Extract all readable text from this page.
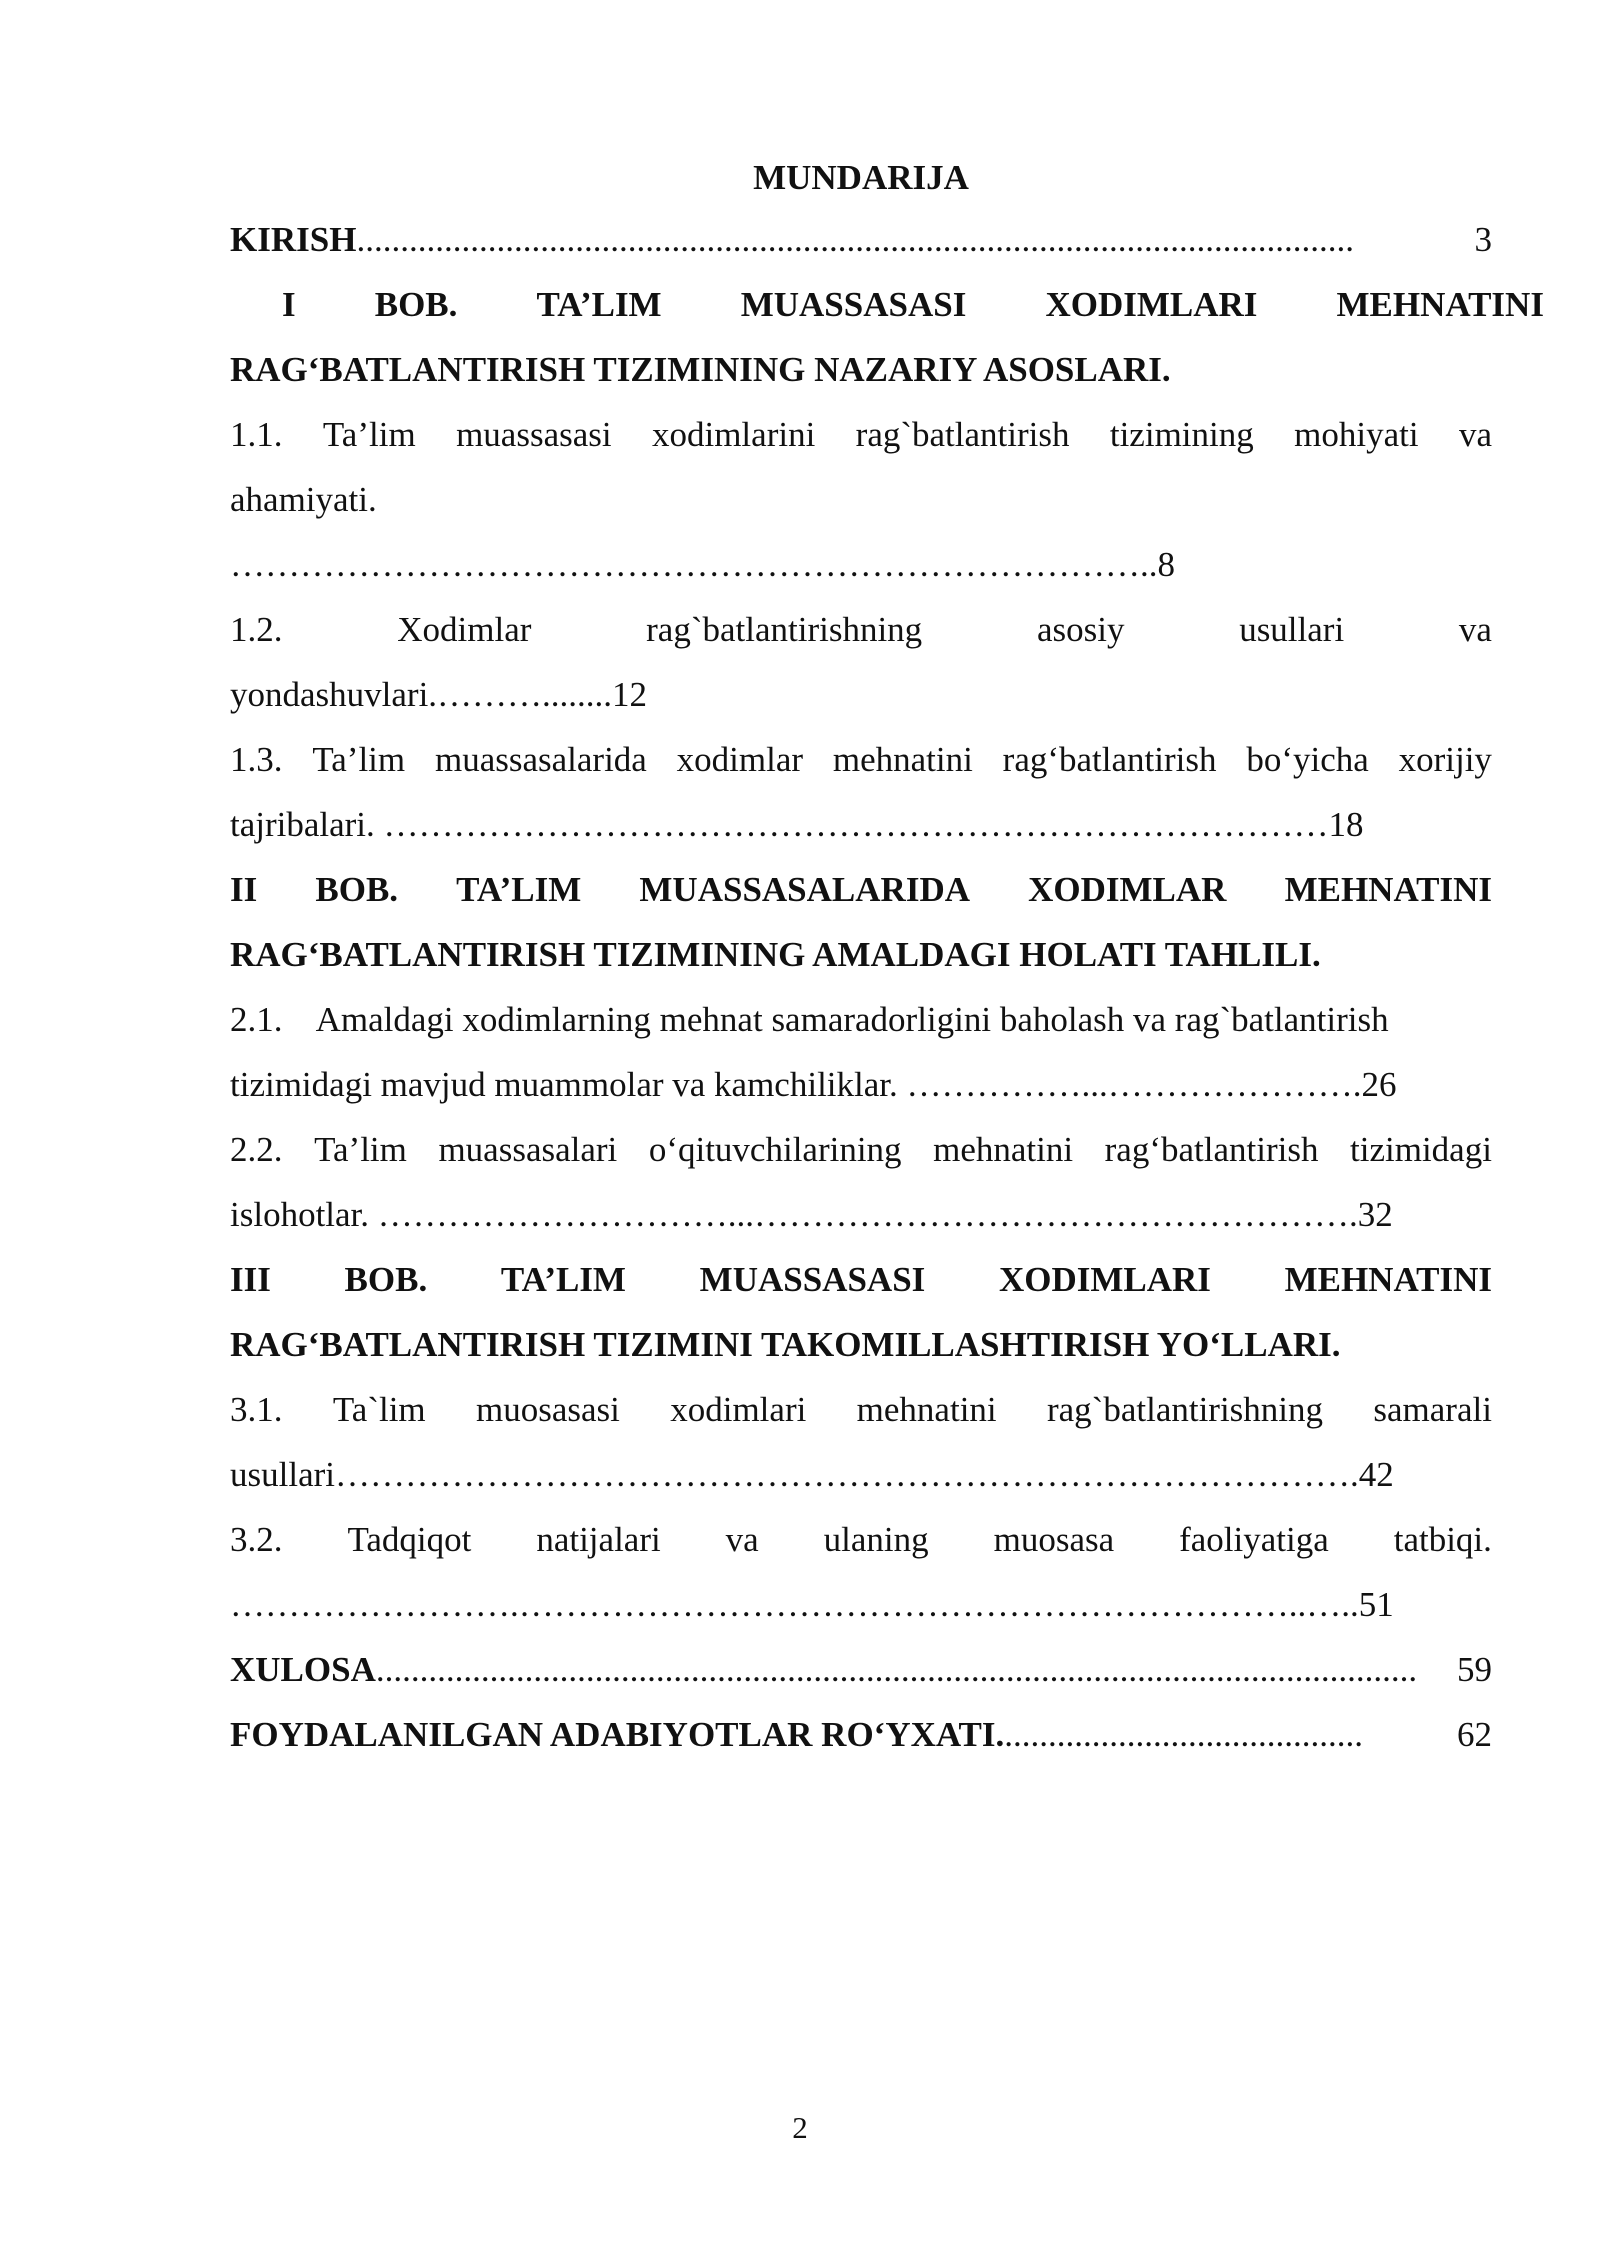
MUNDARIJA
KIRISH ..................................................................................................................	3
I BOB. TA’LIM MUASSASASI XODIMLARI MEHNATINI
RAG‘BATLANTIRISH TIZIMINING NAZARIY ASOSLARI.
1.1. Ta’lim muassasasi xodimlarini rag`batlantirish tizimining mohiyati va
ahamiyati.
……………………………………………………………………..8
1.2.	Xodimlar	rag`batlantirishning	asosiy	usullari	va
yondashuvlari.………........12
1.3. Ta’lim muassasalarida xodimlar mehnatini rag‘batlantirish bo‘yicha xorijiy
tajribalari. ………………………………………………………………………18
II BOB. TA’LIM MUASSASALARIDA XODIMLAR MEHNATINI
RAG‘BATLANTIRISH TIZIMINING AMALDAGI HOLATI TAHLILI.
2.1.    Amaldagi xodimlarning mehnat samaradorligini baholash va rag`batlantirish
tizimidagi mavjud muammolar va kamchiliklar. ……………...………………….26
2.2. Ta’lim muassasalari o‘qituvchilarining mehnatini rag‘batlantirish tizimidagi
islohotlar. …………………………...…………………………………………….32
III BOB. TA’LIM MUASSASASI XODIMLARI MEHNATINI
RAG‘BATLANTIRISH TIZIMINI TAKOMILLASHTIRISH YO‘LLARI.
3.1. Ta`lim muosasasi xodimlari mehnatini rag`batlantirishning samarali
usullari…………………………………………………………………………….42
3.2. Tadqiqot natijalari va ulaning muosasa faoliyatiga tatbiqi.
…………………….…………………………………………………………..…..51
XULOSA .......................................................................................................................	59
FOYDALANILGAN ADABIYOTLAR RO‘YXATI. .........................................	62
2
